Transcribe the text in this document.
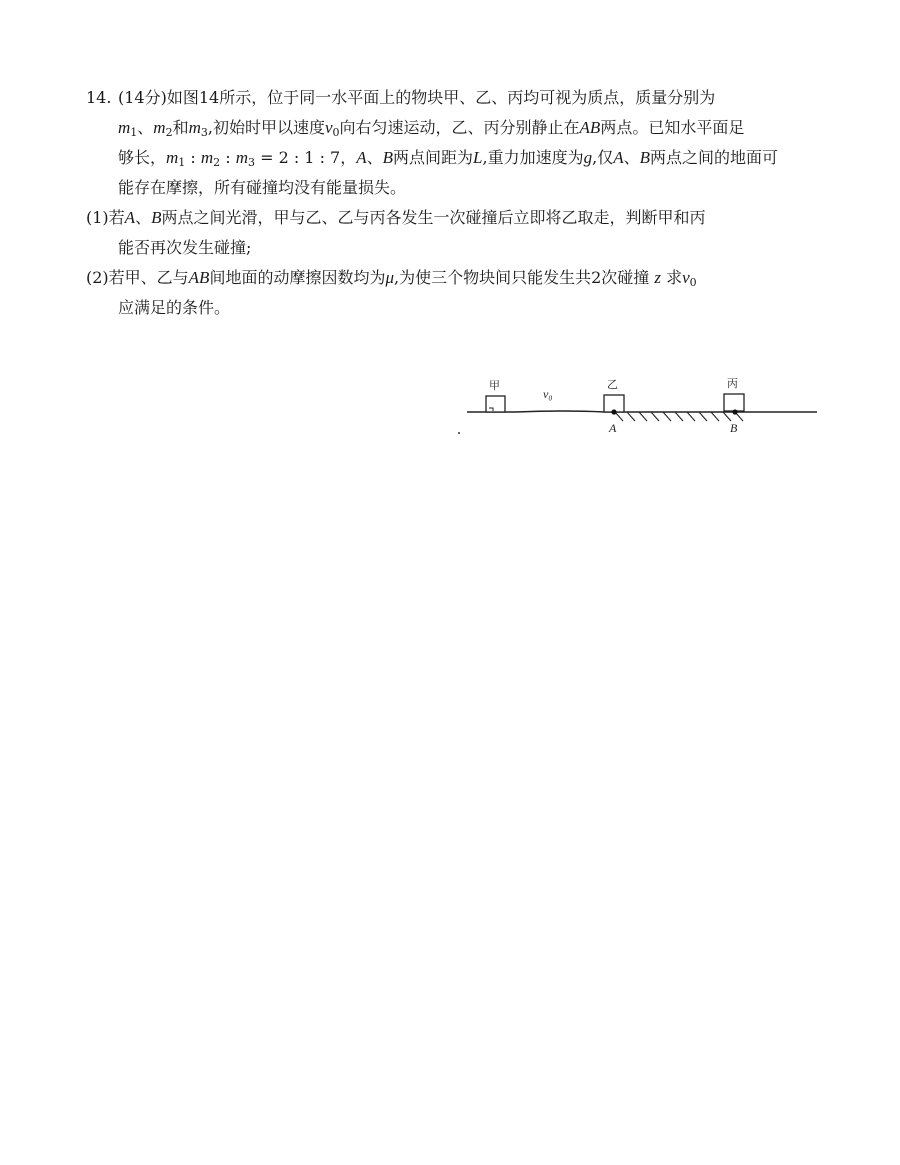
14. (14分)如图14所示，位于同一水平面上的物块甲、乙、丙均可视为质点，质量分别为
$m_1$、$m_2$和$m_3$,初始时甲以速度$v_0$向右匀速运动，乙、丙分别静止在AB两点。已知水平面足
够长，$m_1$ : $m_2$ : $m_3 = 2$ : 1 : 7，A、B两点间距为L,重力加速度为g,仅A、B两点之间的地面可
能存在摩擦，所有碰撞均没有能量损失。
(1)若A、B两点之间光滑，甲与乙、乙与丙各发生一次碰撞后立即将乙取走，判断甲和丙
能否再次发生碰撞;
(2)若甲、乙与AB间地面的动摩擦因数均为μ,为使三个物块间只能发生共2次碰撞 z 求$v_0$
应满足的条件。
甲
v₀
乙	丙
A	B
